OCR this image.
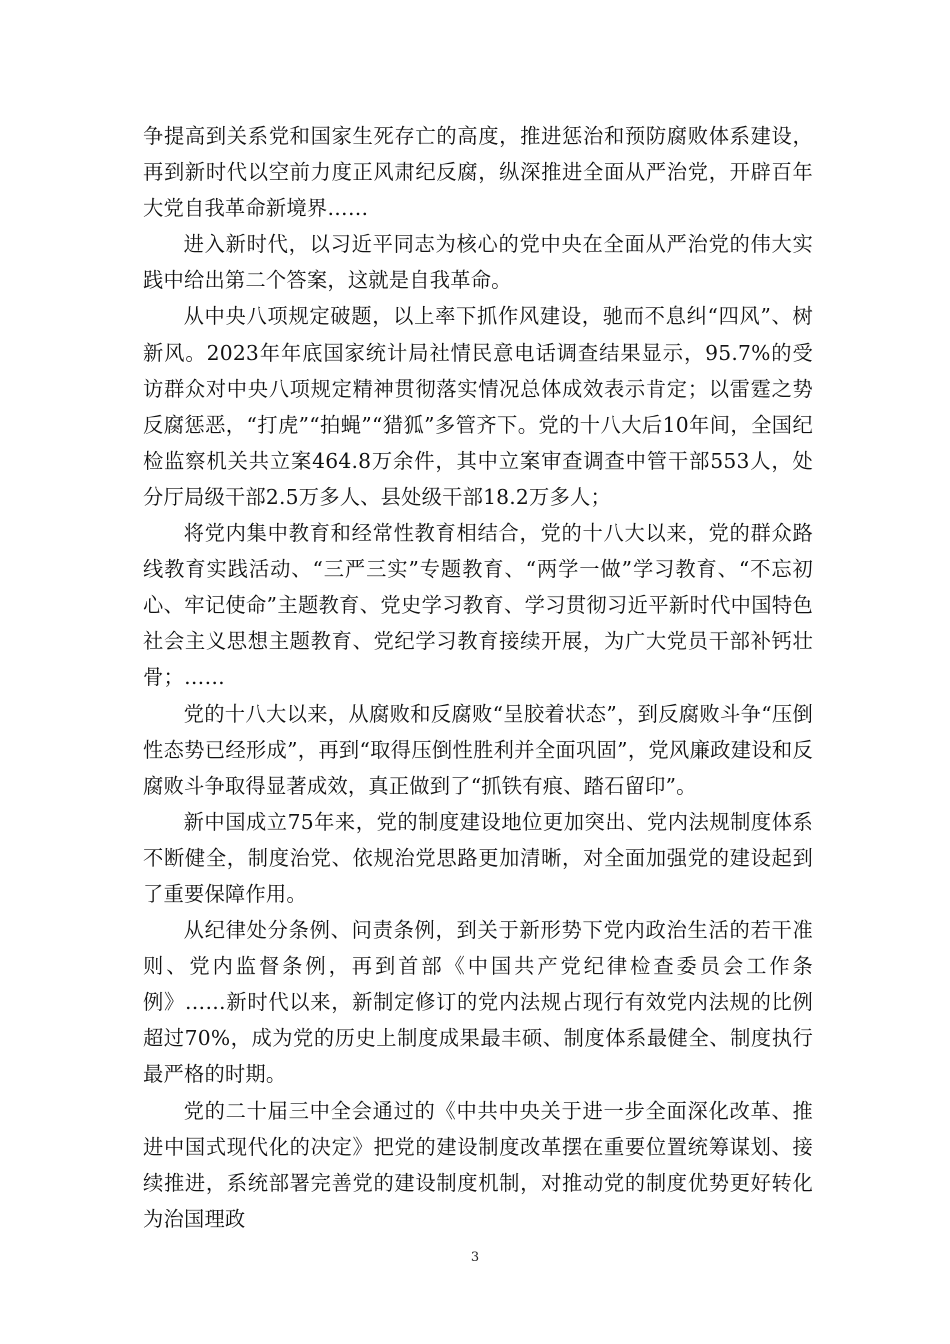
争提高到关系党和国家生死存亡的高度，推进惩治和预防腐败体系建设，再到新时代以空前力度正风肃纪反腐，纵深推进全面从严治党，开辟百年大党自我革命新境界……

进入新时代，以习近平同志为核心的党中央在全面从严治党的伟大实践中给出第二个答案，这就是自我革命。

从中央八项规定破题，以上率下抓作风建设，驰而不息纠“四风”、树新风。2023年年底国家统计局社情民意电话调查结果显示，95.7%的受访群众对中央八项规定精神贯彻落实情况总体成效表示肯定；以雷霆之势反腐惩恶，“打虎”“拍蝇”“猎狐”多管齐下。党的十八大后10年间，全国纪检监察机关共立案464.8万余件，其中立案审查调查中管干部553人，处分厅局级干部2.5万多人、县处级干部18.2万多人；

将党内集中教育和经常性教育相结合，党的十八大以来，党的群众路线教育实践活动、“三严三实”专题教育、“两学一做”学习教育、“不忘初心、牢记使命”主题教育、党史学习教育、学习贯彻习近平新时代中国特色社会主义思想主题教育、党纪学习教育接续开展，为广大党员干部补钙壮骨；……

党的十八大以来，从腐败和反腐败“呈胶着状态”，到反腐败斗争“压倒性态势已经形成”，再到“取得压倒性胜利并全面巩固”，党风廉政建设和反腐败斗争取得显著成效，真正做到了“抓铁有痕、踏石留印”。

新中国成立75年来，党的制度建设地位更加突出、党内法规制度体系不断健全，制度治党、依规治党思路更加清晰，对全面加强党的建设起到了重要保障作用。

从纪律处分条例、问责条例，到关于新形势下党内政治生活的若干准则、党内监督条例，再到首部《中国共产党纪律检查委员会工作条例》……新时代以来，新制定修订的党内法规占现行有效党内法规的比例超过70%，成为党的历史上制度成果最丰硕、制度体系最健全、制度执行最严格的时期。

党的二十届三中全会通过的《中共中央关于进一步全面深化改革、推进中国式现代化的决定》把党的建设制度改革摆在重要位置统筹谋划、接续推进，系统部署完善党的建设制度机制，对推动党的制度优势更好转化为治国理政

3
